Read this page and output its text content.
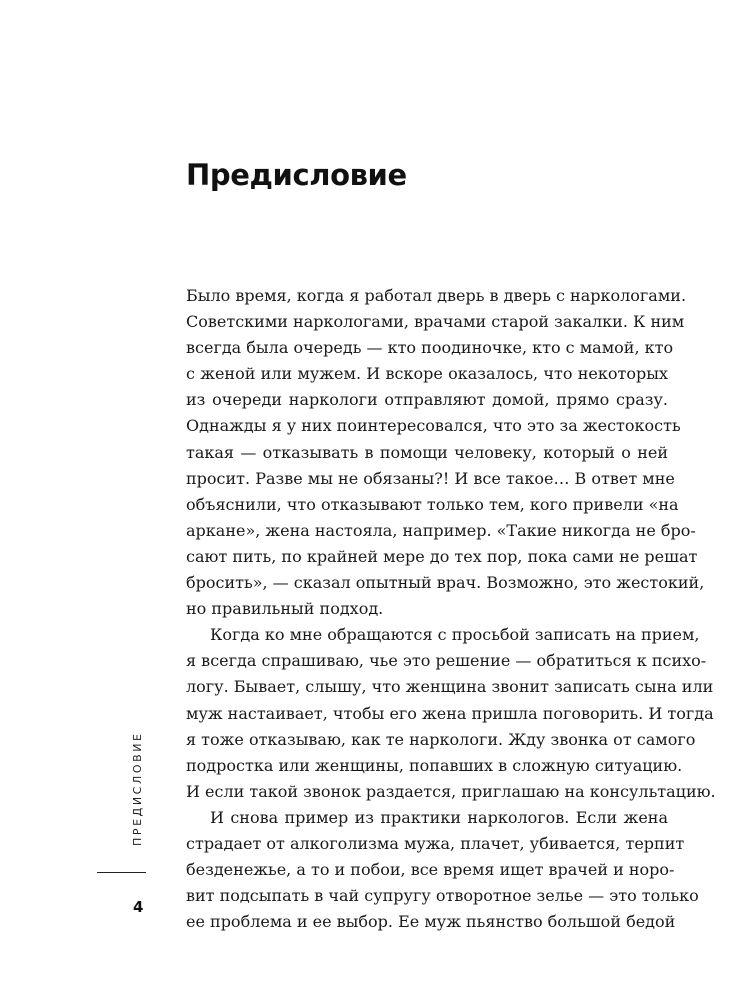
Предисловие

Было время, когда я работал дверь в дверь с наркологами.
Советскими наркологами, врачами старой закалки. К ним
всегда была очередь — кто поодиночке, кто с мамой, кто
с женой или мужем. И вскоре оказалось, что некоторых
из очереди наркологи отправляют домой, прямо сразу.
Однажды я у них поинтересовался, что это за жестокость
такая — отказывать в помощи человеку, который о ней
просит. Разве мы не обязаны?! И все такое… В ответ мне
объяснили, что отказывают только тем, кого привели «на
аркане», жена настояла, например. «Такие никогда не бро-
сают пить, по крайней мере до тех пор, пока сами не решат
бросить», — сказал опытный врач. Возможно, это жестокий,
но правильный подход.

Когда ко мне обращаются с просьбой записать на прием,
я всегда спрашиваю, чье это решение — обратиться к психо-
логу. Бывает, слышу, что женщина звонит записать сына или
муж настаивает, чтобы его жена пришла поговорить. И тогда
я тоже отказываю, как те наркологи. Жду звонка от самого
подростка или женщины, попавших в сложную ситуацию.
И если такой звонок раздается, приглашаю на консультацию.

И снова пример из практики наркологов. Если жена
страдает от алкоголизма мужа, плачет, убивается, терпит
безденежье, а то и побои, все время ищет врачей и норо-
вит подсыпать в чай супругу отворотное зелье — это только
ее проблема и ее выбор. Ее муж пьянство большой бедой

ПРЕДИСЛОВИЕ
4
